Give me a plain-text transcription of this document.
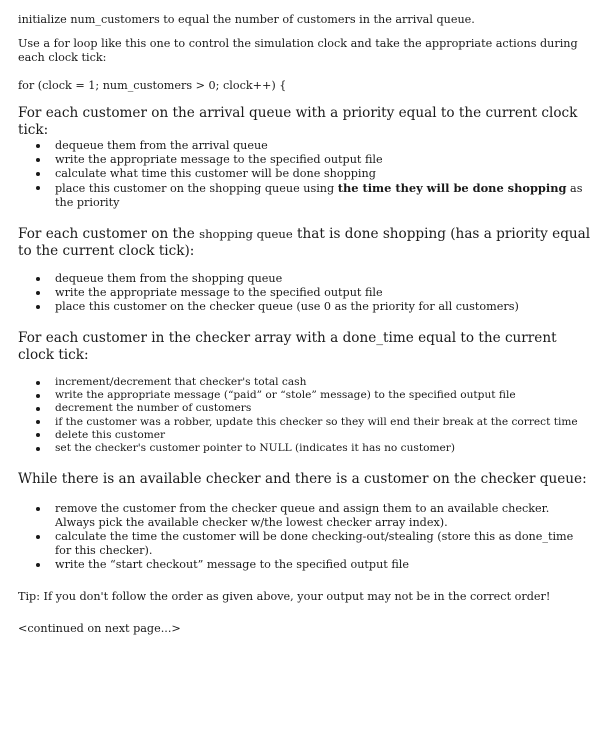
initialize num_customers to equal the number of customers in the arrival queue.

Use a for loop like this one to control the simulation clock and take the appropriate actions during each clock tick:

for (clock = 1; num_customers > 0; clock++) {

For each customer on the arrival queue with a priority equal to the current clock tick:

dequeue them from the arrival queue
write the appropriate message to the specified output file
calculate what time this customer will be done shopping
place this customer on the shopping queue using the time they will be done shopping as the priority

For each customer on the shopping queue that is done shopping (has a priority equal to the current clock tick):

dequeue them from the shopping queue
write the appropriate message to the specified output file
place this customer on the checker queue (use 0 as the priority for all customers)

For each customer in the checker array with a done_time equal to the current clock tick:

increment/decrement that checker's total cash
write the appropriate message (“paid” or “stole” message) to the specified output file
decrement the number of customers
if the customer was a robber, update this checker so they will end their break at the correct time
delete this customer
set the checker's customer pointer to NULL (indicates it has no customer)

While there is an available checker and there is a customer on the checker queue:

remove the customer from the checker queue and assign them to an available checker. Always pick the available checker w/the lowest checker array index).
calculate the time the customer will be done checking-out/stealing (store this as done_time for this checker).
write the “start checkout” message to the specified output file

Tip: If you don't follow the order as given above, your output may not be in the correct order!

<continued on next page...>
